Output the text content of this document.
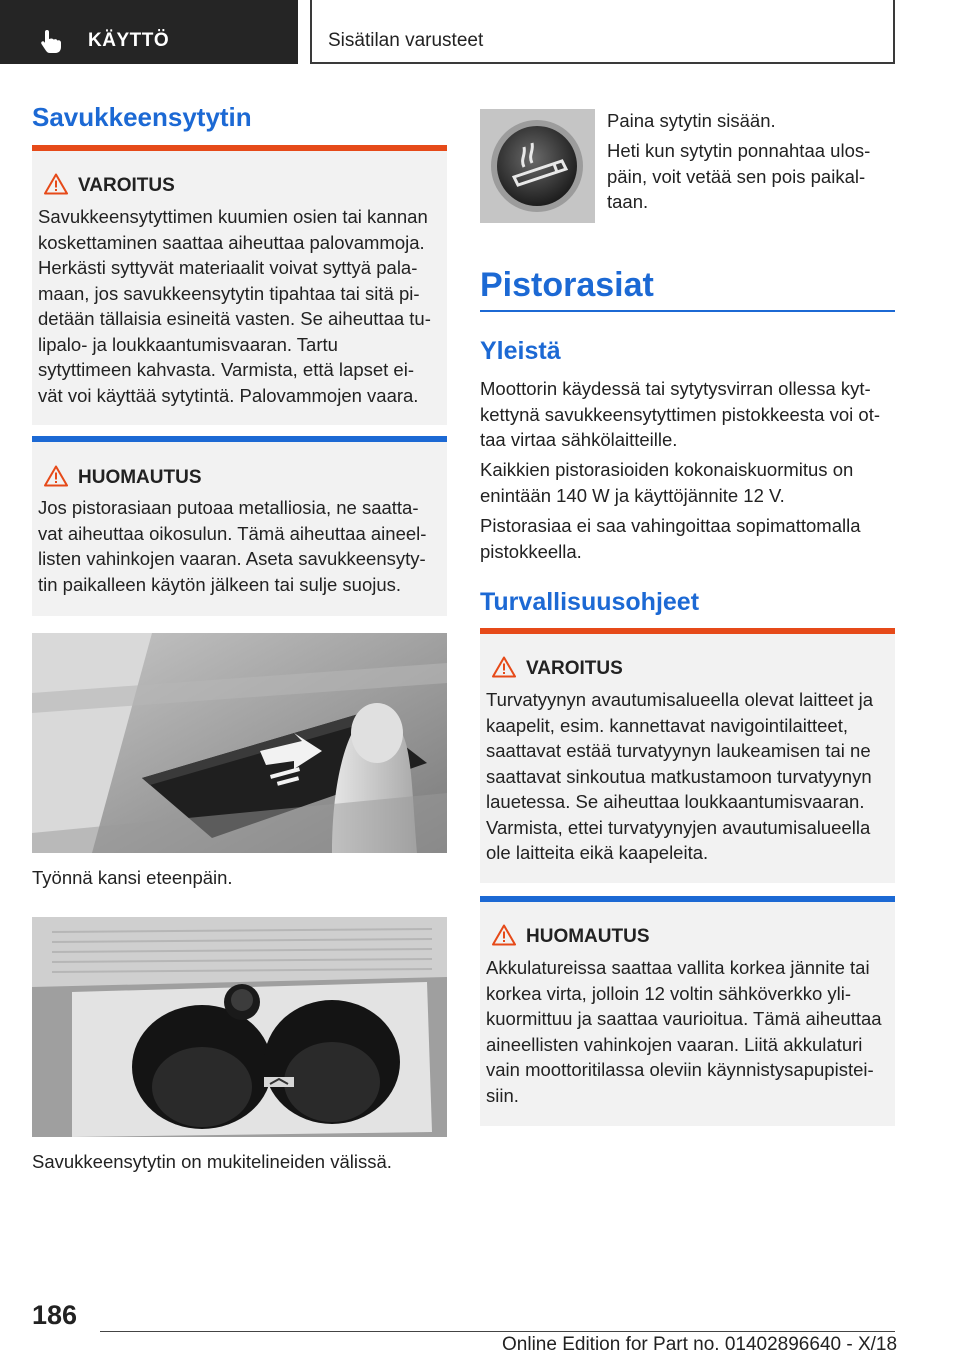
KÄYTTÖ	Sisätilan varusteet
Savukkeensytytin
VAROITUS

Savukkeensytyttimen kuumien osien tai kannan

koskettaminen saattaa aiheuttaa palovammoja.

Herkästi syttyvät materiaalit voivat syttyä pala-

maan, jos savukkeensytytin tipahtaa tai sitä pi-

detään tällaisia esineitä vasten. Se aiheuttaa tu-

lipalo- ja loukkaantumisvaaran. Tartu

sytyttimeen kahvasta. Varmista, että lapset ei-

vät voi käyttää sytytintä. Palovammojen vaara.

HUOMAUTUS

Jos pistorasiaan putoaa metalliosia, ne saatta-

vat aiheuttaa oikosulun. Tämä aiheuttaa aineel-

listen vahinkojen vaaran. Aseta savukkeensyty-

tin paikalleen käytön jälkeen tai sulje suojus.

Työnnä kansi eteenpäin.
Savukkeensytytin on mukitelineiden välissä.

Paina sytytin sisään.

Heti kun sytytin ponnahtaa ulos-

päin, voit vetää sen pois paikal-

taan.

Pistorasiat
Yleistä

Moottorin käydessä tai sytytysvirran ollessa kyt-

kettynä savukkeensytyttimen pistokkeesta voi ot-

taa virtaa sähkölaitteille.

Kaikkien pistorasioiden kokonaiskuormitus on

enintään 140 W ja käyttöjännite 12 V.

Pistorasiaa ei saa vahingoittaa sopimattomalla

pistokkeella.

Turvallisuusohjeet
VAROITUS

Turvatyynyn avautumisalueella olevat laitteet ja

kaapelit, esim. kannettavat navigointilaitteet,

saattavat estää turvatyynyn laukeamisen tai ne

saattavat sinkoutua matkustamoon turvatyynyn

lauetessa. Se aiheuttaa loukkaantumisvaaran.

Varmista, ettei turvatyynyjen avautumisalueella

ole laitteita eikä kaapeleita.

HUOMAUTUS

Akkulatureissa saattaa vallita korkea jännite tai

korkea virta, jolloin 12 voltin sähköverkko yli-

kuormittuu ja saattaa vaurioitua. Tämä aiheuttaa

aineellisten vahinkojen vaaran. Liitä akkulaturi

vain moottoritilassa oleviin käynnistysapupistei-

siin.

186
Online Edition for Part no. 01402896640 - X/18
